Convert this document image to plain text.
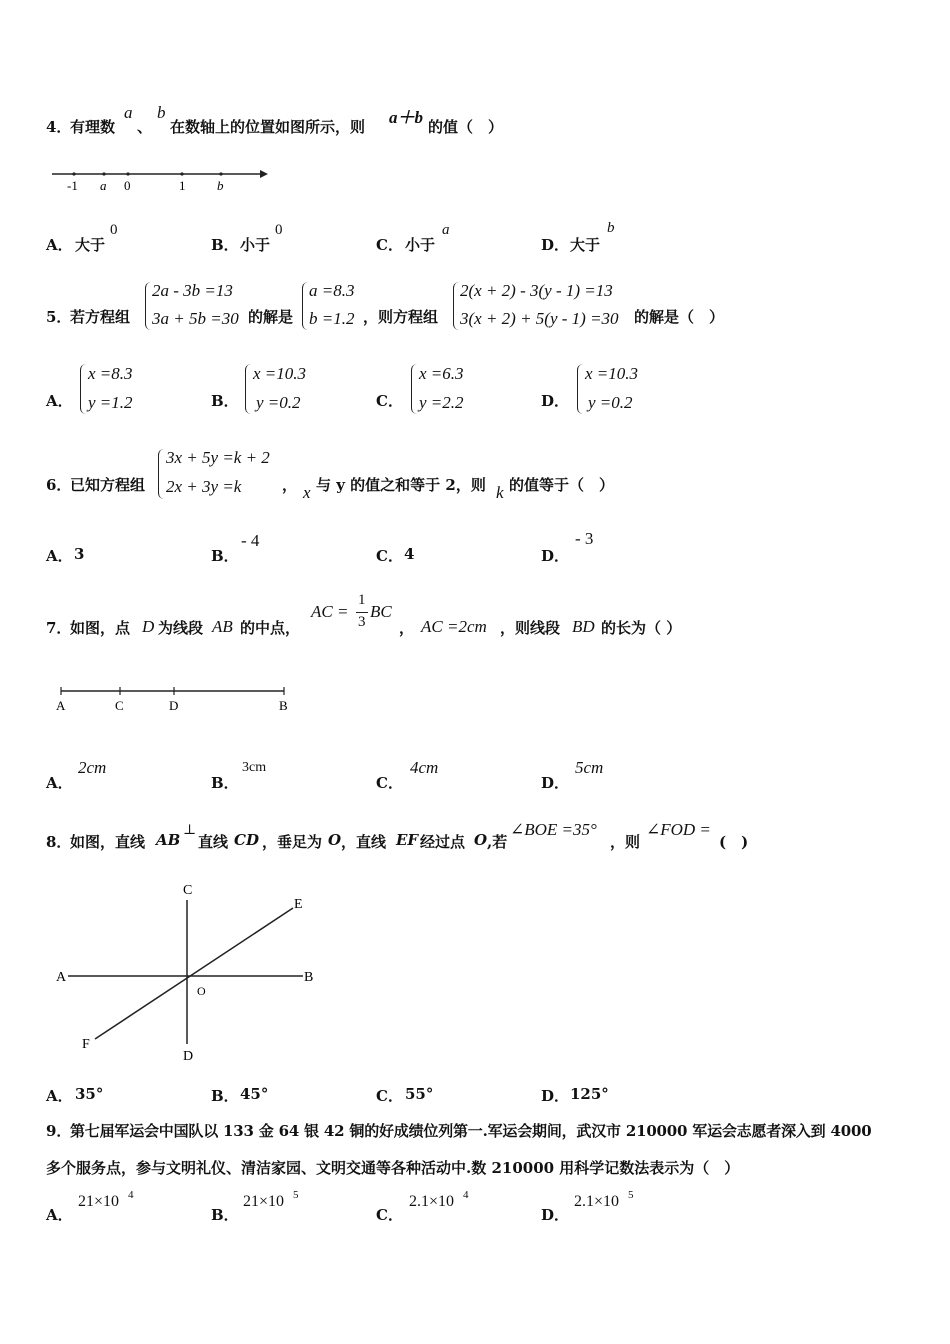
4．
有理数
a
、
b
在数轴上的位置如图所示，则 a＋b 的值（　）
-1 a 0	1 b
A． 大于
0
B． 小于
0
C． 小于
a
D． 大于
b
5．
若方程组
2a - 3b =13
3a + 5b =30 的解是
a =8.3
b =1.2 ，则方程组
2(x + 2) - 3(y - 1) =13
3(x + 2) + 5(y - 1) =30 的解是（　）
A．
x =8.3
y =1.2	B．
x =10.3
y =0.2	C．
x =6.3
y =2.2	D．
x =10.3
y =0.2
6．
已知方程组
3x + 5y =k + 2
2x + 3y =k	， x 与 y 的值之和等于 2，则 k 的值等于（　）
A． 3	B．
- 4
C． 4	D．
- 3
7．
如图，点 D 为线段 AB 的中点，
AC =
1
3
BC
， AC =2cm ，则线段 BD 的长为（ ）
A	C	D	B
A．
2cm
B．
3cm
C．
4cm
D．
5cm
8．
如图，直线 AB
⊥
直线 CD ，垂足为 O ，直线 EF 经过点 O ,若
∠BOE =35°
，则
∠FOD =
(　)
C
E
A	B
O
F
D
A． 35°	B． 45°	C． 55°	D． 125°
9．
第七届军运会中国队以 133 金 64 银 42 铜的好成绩位列第一.军运会期间，武汉市 210000 军运会志愿者深入到 4000
多个服务点，参与文明礼仪、清洁家园、文明交通等各种活动中.数 210000 用科学记数法表示为（　）
A．
21×10 4
B．
21×10 5
C．
2.1×10 4
D．
2.1×10 5
